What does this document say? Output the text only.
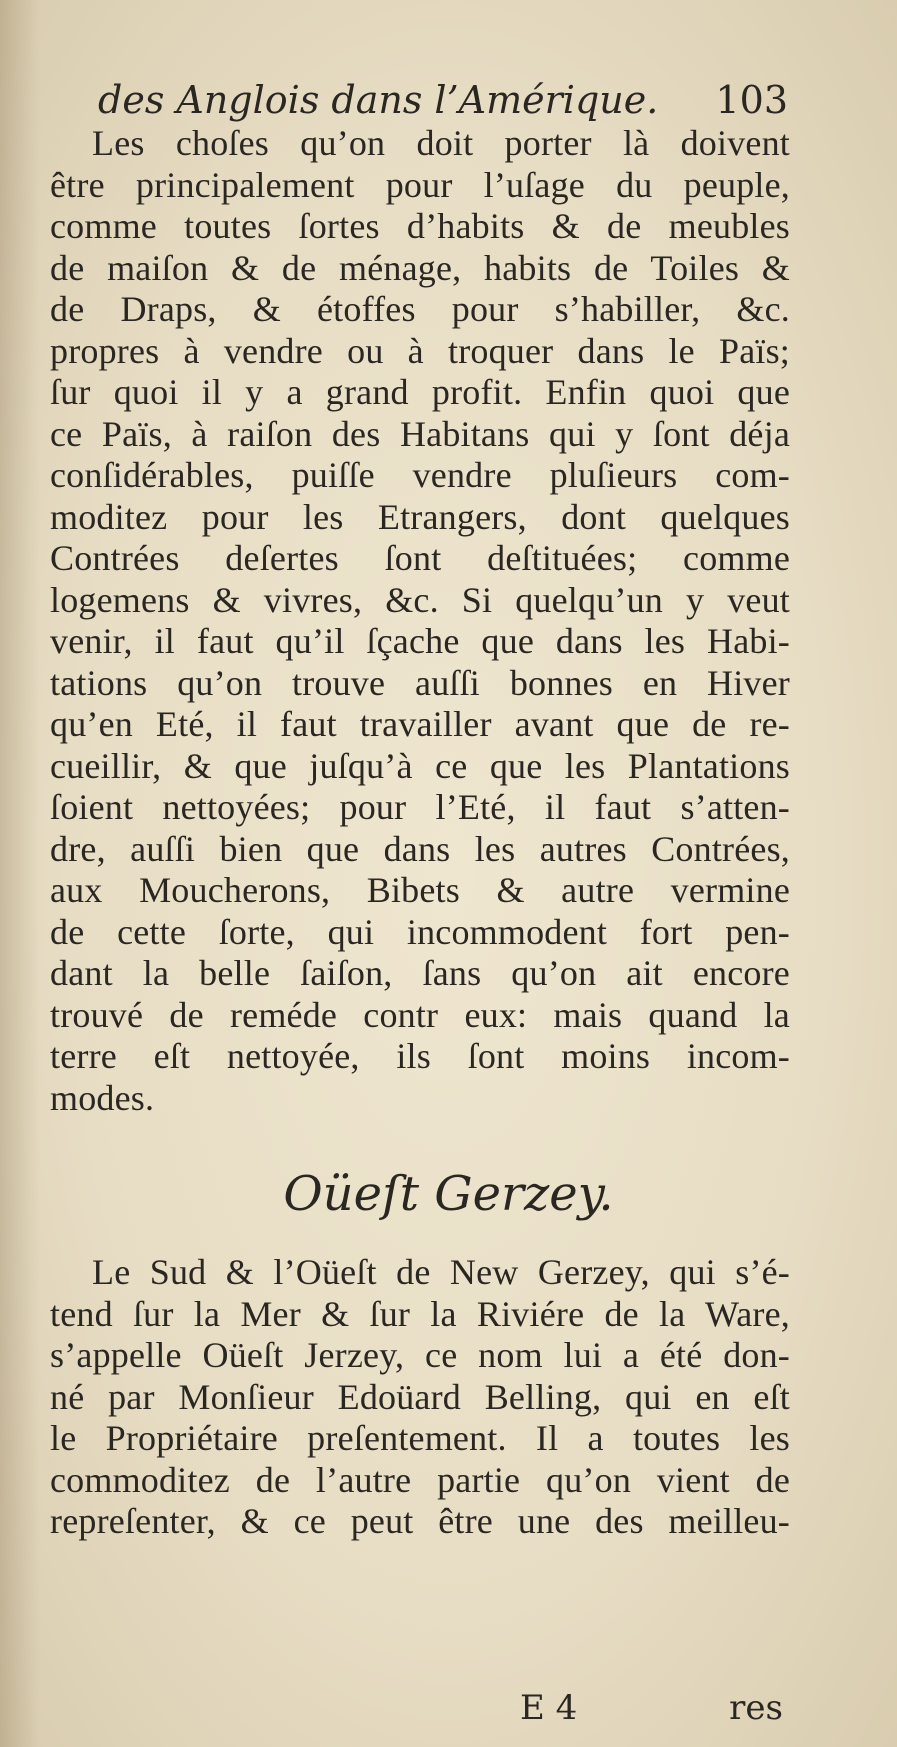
des Anglois dans l’Amérique. 103
Les choſes qu’on doit porter là doivent
être principalement pour l’uſage du peuple,
comme toutes ſortes d’habits & de meubles
de maiſon & de ménage, habits de Toiles &
de Draps, & étoffes pour s’habiller, &c.
propres à vendre ou à troquer dans le Païs;
ſur quoi il y a grand profit. Enfin quoi que
ce Païs, à raiſon des Habitans qui y ſont déja
conſidérables, puiſſe vendre pluſieurs com-
moditez pour les Etrangers, dont quelques
Contrées deſertes ſont deſtituées; comme
logemens & vivres, &c. Si quelqu’un y veut
venir, il faut qu’il ſçache que dans les Habi-
tations qu’on trouve auſſi bonnes en Hiver
qu’en Eté, il faut travailler avant que de re-
cueillir, & que juſqu’à ce que les Plantations
ſoient nettoyées; pour l’Eté, il faut s’atten-
dre, auſſi bien que dans les autres Contrées,
aux Moucherons, Bibets & autre vermine
de cette ſorte, qui incommodent fort pen-
dant la belle ſaiſon, ſans qu’on ait encore
trouvé de reméde contr eux: mais quand la
terre eſt nettoyée, ils ſont moins incom-
modes.
Oüeſt Gerzey.
Le Sud & l’Oüeſt de New Gerzey, qui s’é-
tend ſur la Mer & ſur la Riviére de la Ware,
s’appelle Oüeſt Jerzey, ce nom lui a été don-
né par Monſieur Edoüard Belling, qui en eſt
le Propriétaire preſentement. Il a toutes les
commoditez de l’autre partie qu’on vient de
repreſenter, & ce peut être une des meilleu-
E 4	res
